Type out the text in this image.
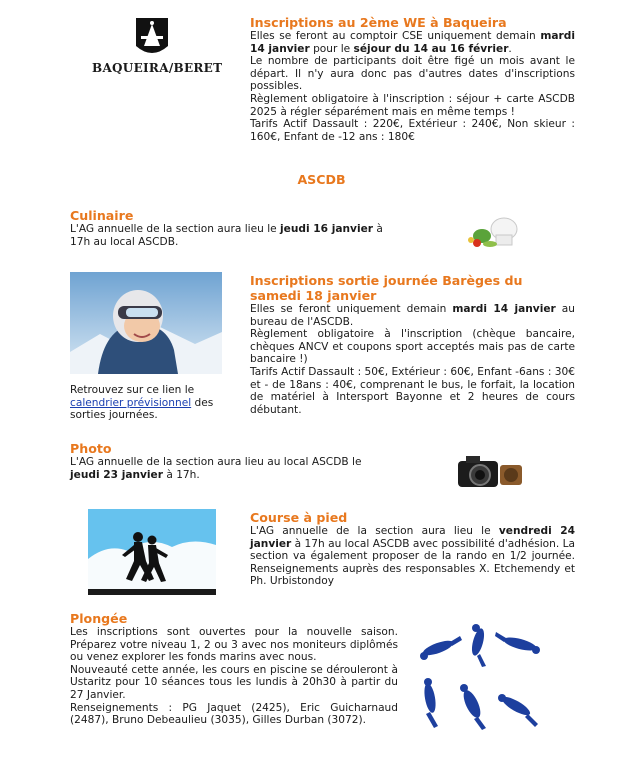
BAQUEIRA/BERET
Inscriptions au 2ème WE à Baqueira
Elles se feront au comptoir CSE uniquement demain mardi 14 janvier pour le séjour du 14 au 16 février.
Le nombre de participants doit être figé un mois avant le départ. Il n'y aura donc pas d'autres dates d'inscriptions possibles.
Règlement obligatoire à l'inscription : séjour + carte ASCDB 2025 à régler séparément mais en même temps !
Tarifs Actif Dassault : 220€, Extérieur : 240€, Non skieur : 160€, Enfant de -12 ans : 180€
ASCDB
Culinaire
L'AG annuelle de la section aura lieu le jeudi 16 janvier à 17h au local ASCDB.
Retrouvez sur ce lien le calendrier prévisionnel des sorties journées.
Inscriptions sortie journée Barèges du samedi 18 janvier
Elles se feront uniquement demain mardi 14 janvier au bureau de l'ASCDB.
Règlement obligatoire à l'inscription (chèque bancaire, chèques ANCV et coupons sport acceptés mais pas de carte bancaire !)
Tarifs Actif Dassault : 50€, Extérieur : 60€, Enfant -6ans : 30€ et - de 18ans : 40€, comprenant le bus, le forfait, la location de matériel à Intersport Bayonne et 2 heures de cours débutant.
Photo
L'AG annuelle de la section aura lieu au local ASCDB le jeudi 23 janvier à 17h.
Course à pied
L'AG annuelle de la section aura lieu le vendredi 24 janvier à 17h au local ASCDB avec possibilité d'adhésion. La section va également proposer de la rando en 1/2 journée. Renseignements auprès des responsables X. Etchemendy et Ph. Urbistondoy
Plongée
Les inscriptions sont ouvertes pour la nouvelle saison. Préparez votre niveau 1, 2 ou 3 avec nos moniteurs diplômés ou venez explorer les fonds marins avec nous.
Nouveauté cette année, les cours en piscine se dérouleront à Ustaritz pour 10 séances tous les lundis à 20h30 à partir du 27 Janvier.
Renseignements : PG Jaquet (2425), Eric Guicharnaud (2487), Bruno Debeaulieu (3035), Gilles Durban (3072).
